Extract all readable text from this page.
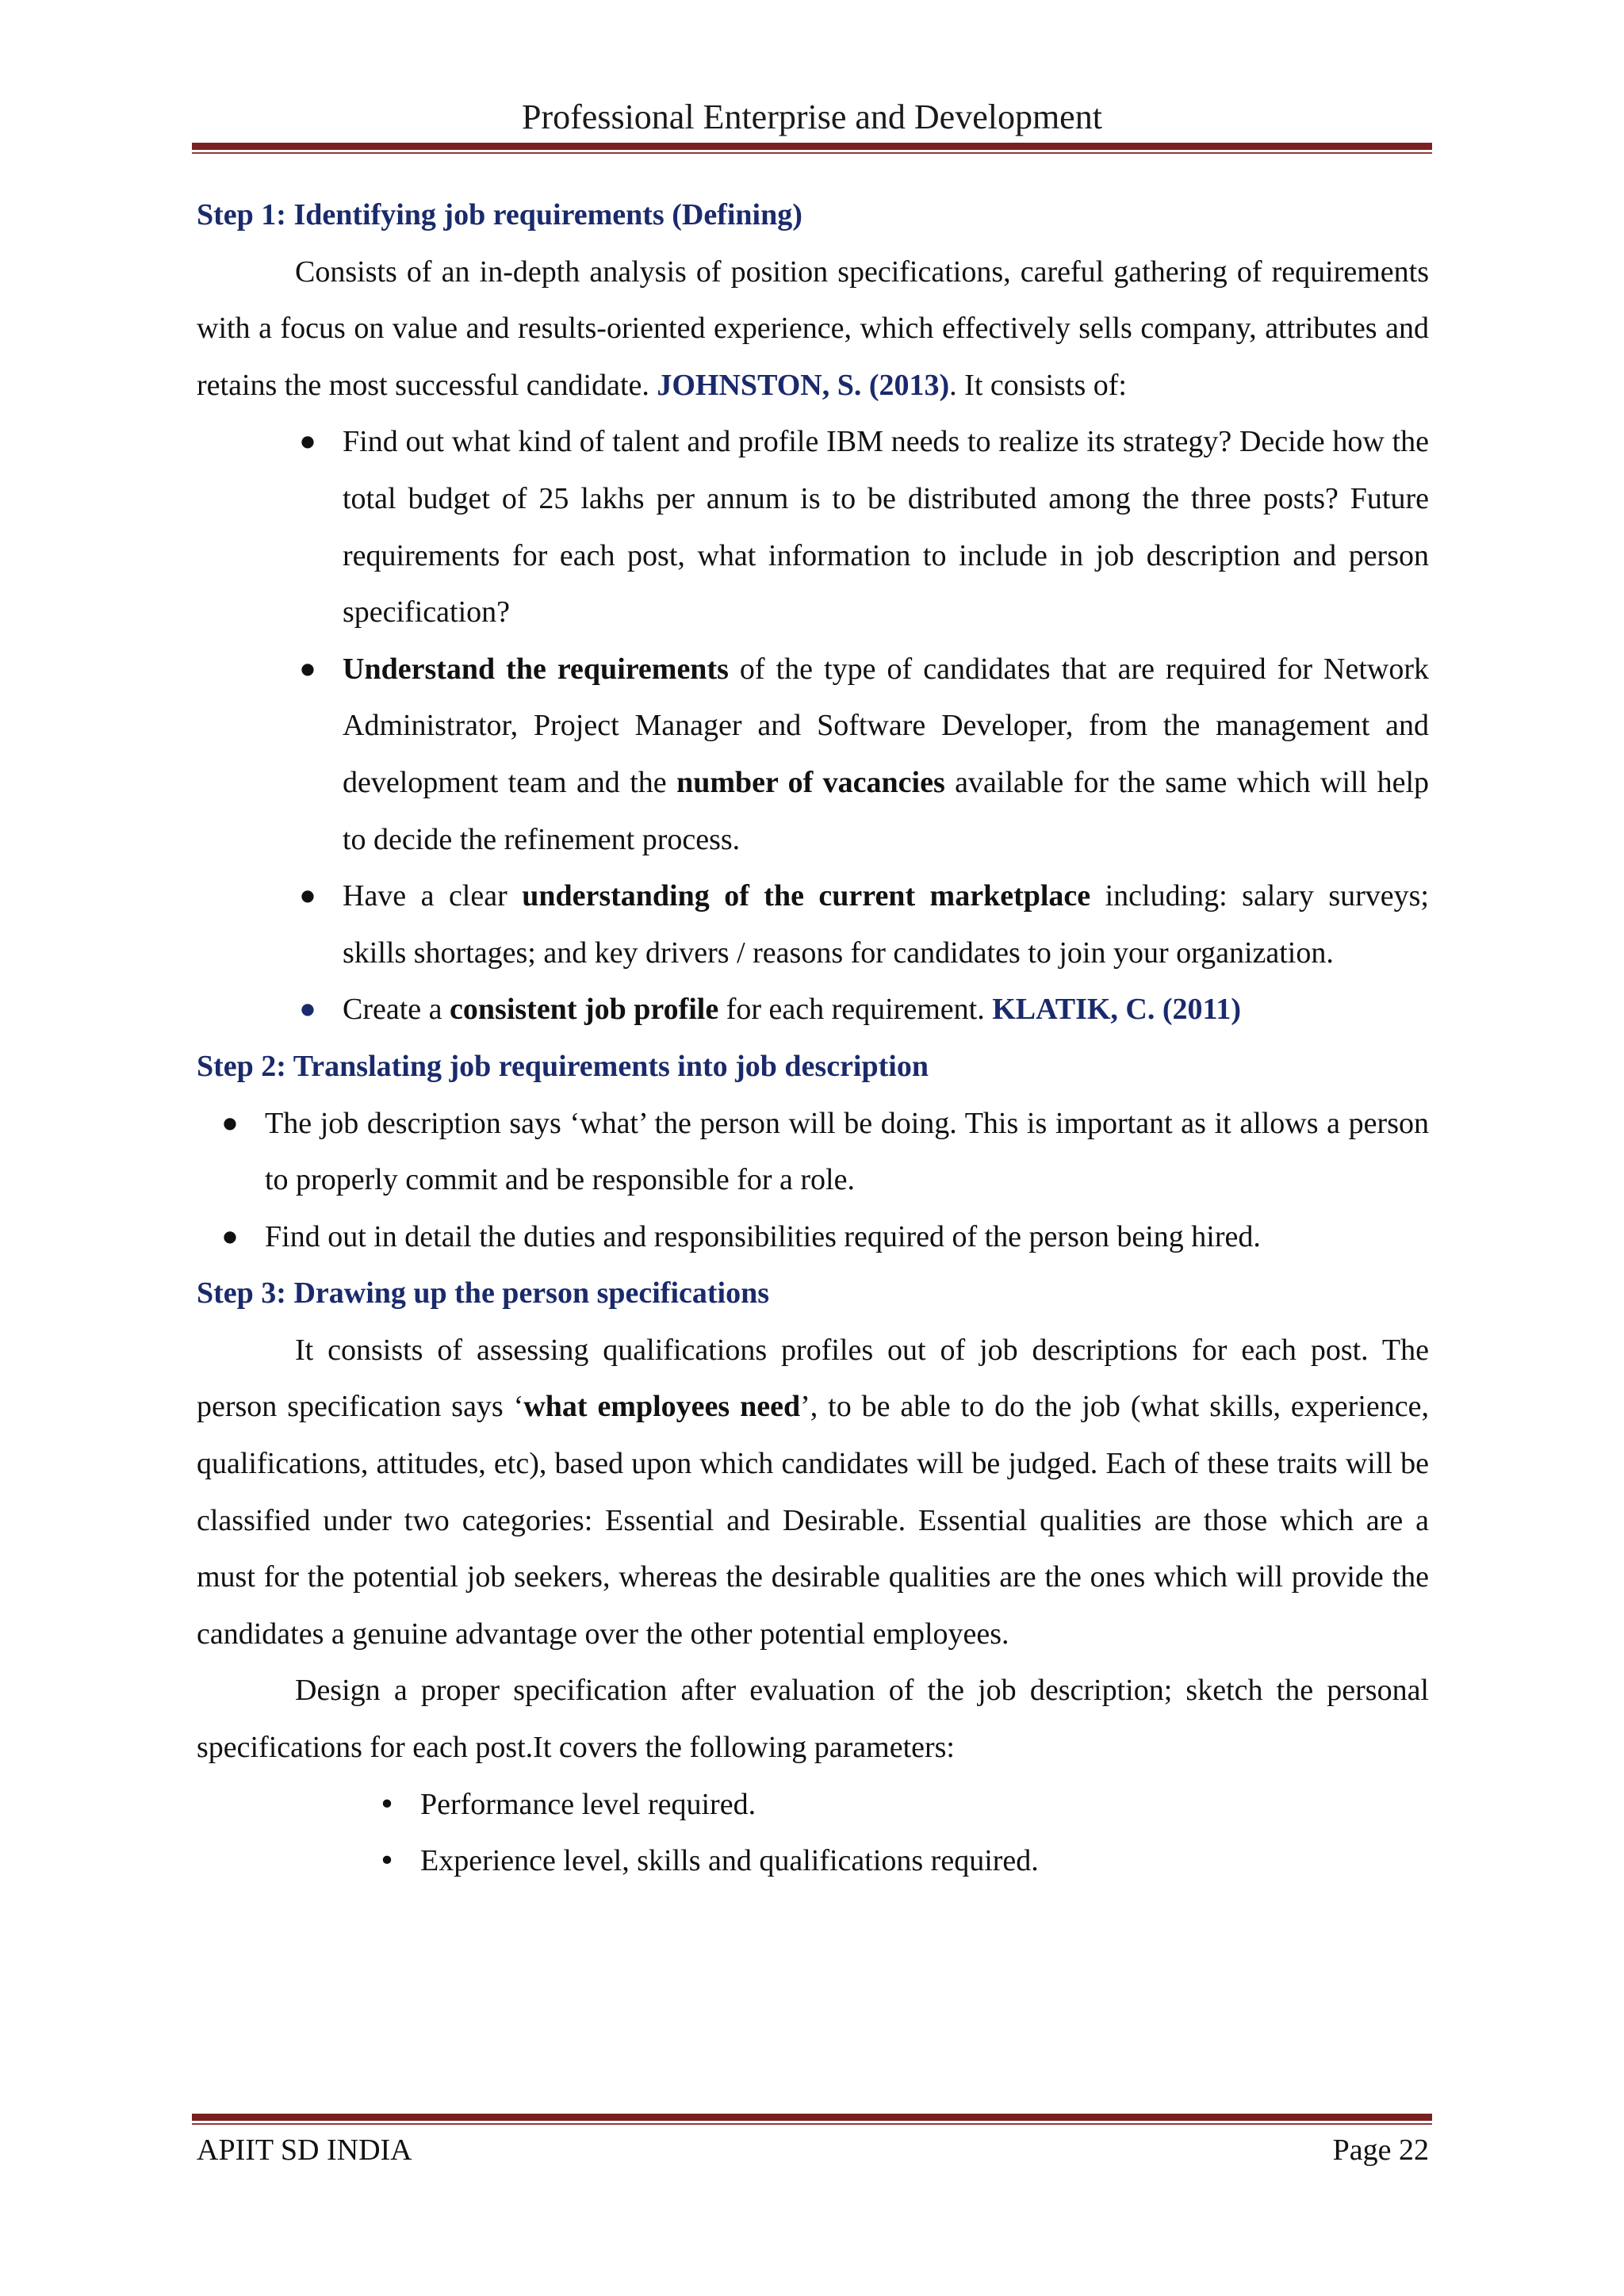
Professional Enterprise and Development

Step 1: Identifying job requirements (Defining)

Consists of an in-depth analysis of position specifications, careful gathering of requirements with a focus on value and results-oriented experience, which effectively sells company, attributes and retains the most successful candidate. JOHNSTON, S. (2013). It consists of:

●
Find out what kind of talent and profile IBM needs to realize its strategy? Decide how the total budget of 25 lakhs per annum is to be distributed among the three posts? Future requirements for each post, what information to include in job description and person specification?
●
Understand the requirements of the type of candidates that are required for Network Administrator, Project Manager and Software Developer, from the management and development team and the number of vacancies available for the same which will help to decide the refinement process.
●
Have a clear understanding of the current marketplace including: salary surveys; skills shortages; and key drivers / reasons for candidates to join your organization.
●
Create a consistent job profile for each requirement. KLATIK, C. (2011)

Step 2: Translating job requirements into job description

●
The job description says ‘what’ the person will be doing. This is important as it allows a person to properly commit and be responsible for a role.
●
Find out in detail the duties and responsibilities required of the person being hired.

Step 3: Drawing up the person specifications

It consists of assessing qualifications profiles out of job descriptions for each post. The person specification says ‘what employees need’, to be able to do the job (what skills, experience, qualifications, attitudes, etc), based upon which candidates will be judged. Each of these traits will be classified under two categories: Essential and Desirable. Essential qualities are those which are a must for the potential job seekers, whereas the desirable qualities are the ones which will provide the candidates a genuine advantage over the other potential employees.

Design a proper specification after evaluation of the job description; sketch the personal specifications for each post.It covers the following parameters:

•
Performance level required.
•
Experience level, skills and qualifications required.
APIIT SD INDIA	Page 22
